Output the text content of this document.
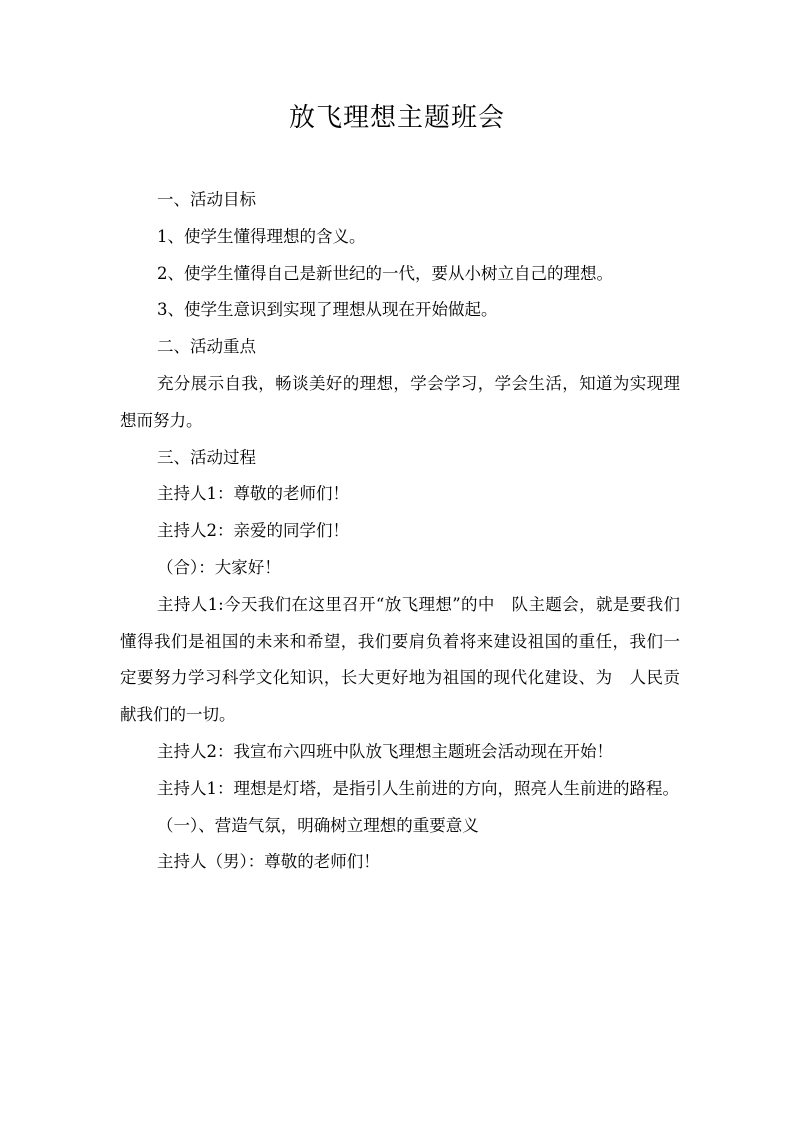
放飞理想主题班会

一、活动目标

1、使学生懂得理想的含义。

2、使学生懂得自己是新世纪的一代，要从小树立自己的理想。

3、使学生意识到实现了理想从现在开始做起。

二、活动重点

充分展示自我，畅谈美好的理想，学会学习，学会生活，知道为实现理想而努力。

三、活动过程

主持人1：尊敬的老师们！

主持人2：亲爱的同学们！

（合）：大家好！

主持人1:今天我们在这里召开“放飞理想”的中　队主题会，就是要我们懂得我们是祖国的未来和希望，我们要肩负着将来建设祖国的重任，我们一定要努力学习科学文化知识，长大更好地为祖国的现代化建设、为　人民贡献我们的一切。

主持人2：我宣布六四班中队放飞理想主题班会活动现在开始！

主持人1：理想是灯塔，是指引人生前进的方向，照亮人生前进的路程。

（一）、营造气氛，明确树立理想的重要意义

主持人（男）：尊敬的老师们！
